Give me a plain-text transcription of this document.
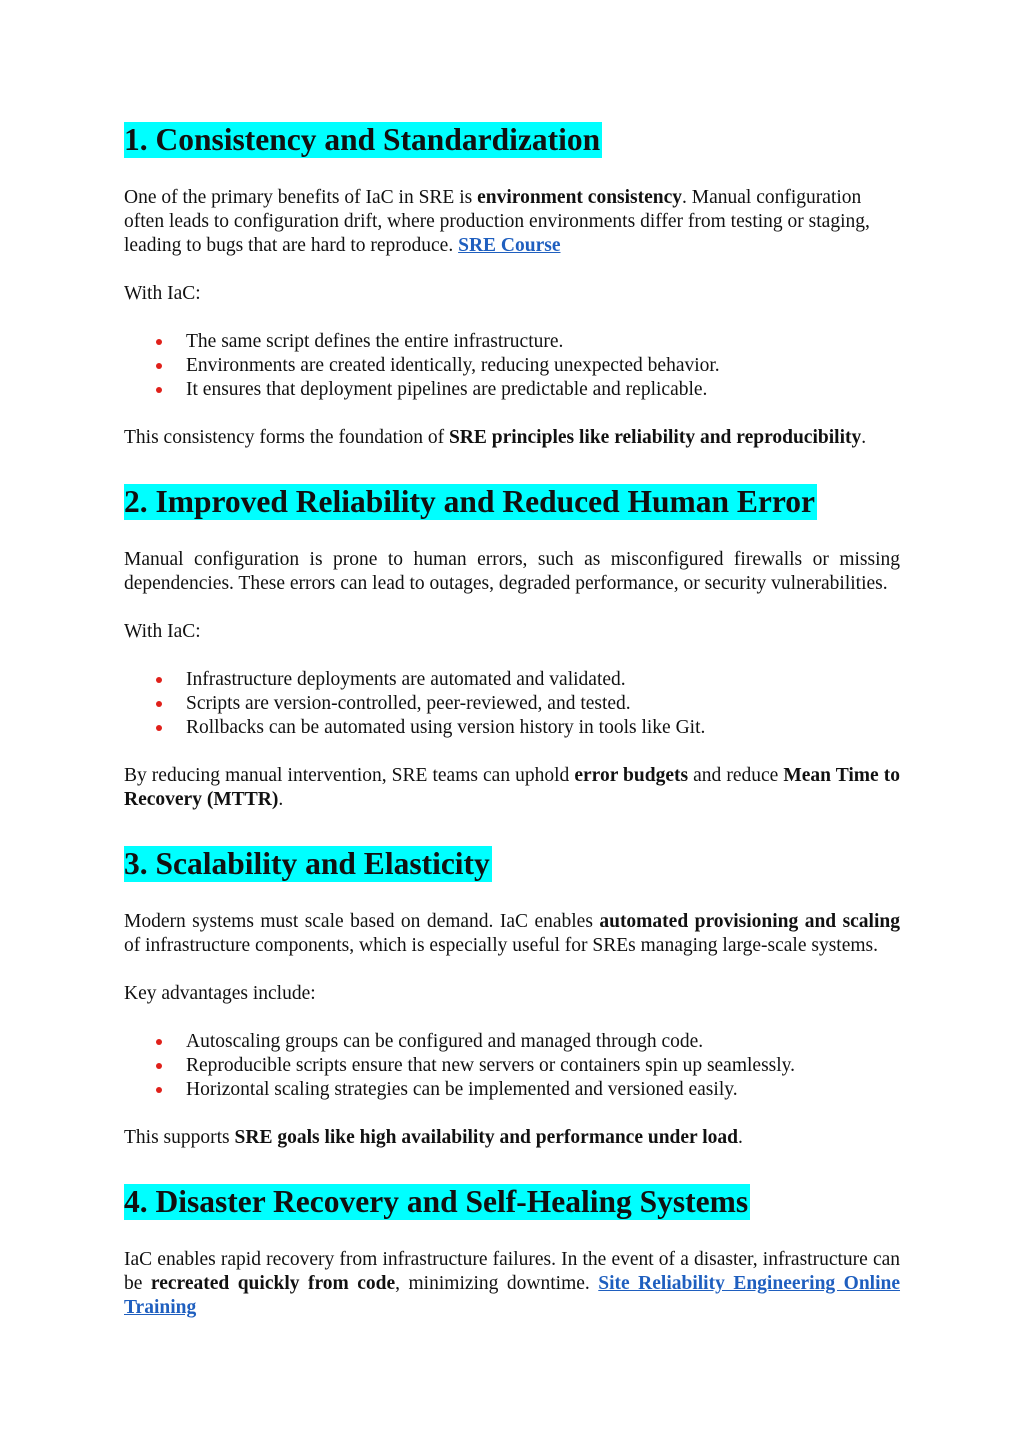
1. Consistency and Standardization

One of the primary benefits of IaC in SRE is environment consistency. Manual configuration often leads to configuration drift, where production environments differ from testing or staging, leading to bugs that are hard to reproduce. SRE Course

With IaC:

The same script defines the entire infrastructure.
Environments are created identically, reducing unexpected behavior.
It ensures that deployment pipelines are predictable and replicable.

This consistency forms the foundation of SRE principles like reliability and reproducibility.

2. Improved Reliability and Reduced Human Error

Manual configuration is prone to human errors, such as misconfigured firewalls or missing dependencies. These errors can lead to outages, degraded performance, or security vulnerabilities.

With IaC:

Infrastructure deployments are automated and validated.
Scripts are version-controlled, peer-reviewed, and tested.
Rollbacks can be automated using version history in tools like Git.

By reducing manual intervention, SRE teams can uphold error budgets and reduce Mean Time to Recovery (MTTR).

3. Scalability and Elasticity

Modern systems must scale based on demand. IaC enables automated provisioning and scaling of infrastructure components, which is especially useful for SREs managing large-scale systems.

Key advantages include:

Autoscaling groups can be configured and managed through code.
Reproducible scripts ensure that new servers or containers spin up seamlessly.
Horizontal scaling strategies can be implemented and versioned easily.

This supports SRE goals like high availability and performance under load.

4. Disaster Recovery and Self-Healing Systems

IaC enables rapid recovery from infrastructure failures. In the event of a disaster, infrastructure can be recreated quickly from code, minimizing downtime. Site Reliability Engineering Online Training
